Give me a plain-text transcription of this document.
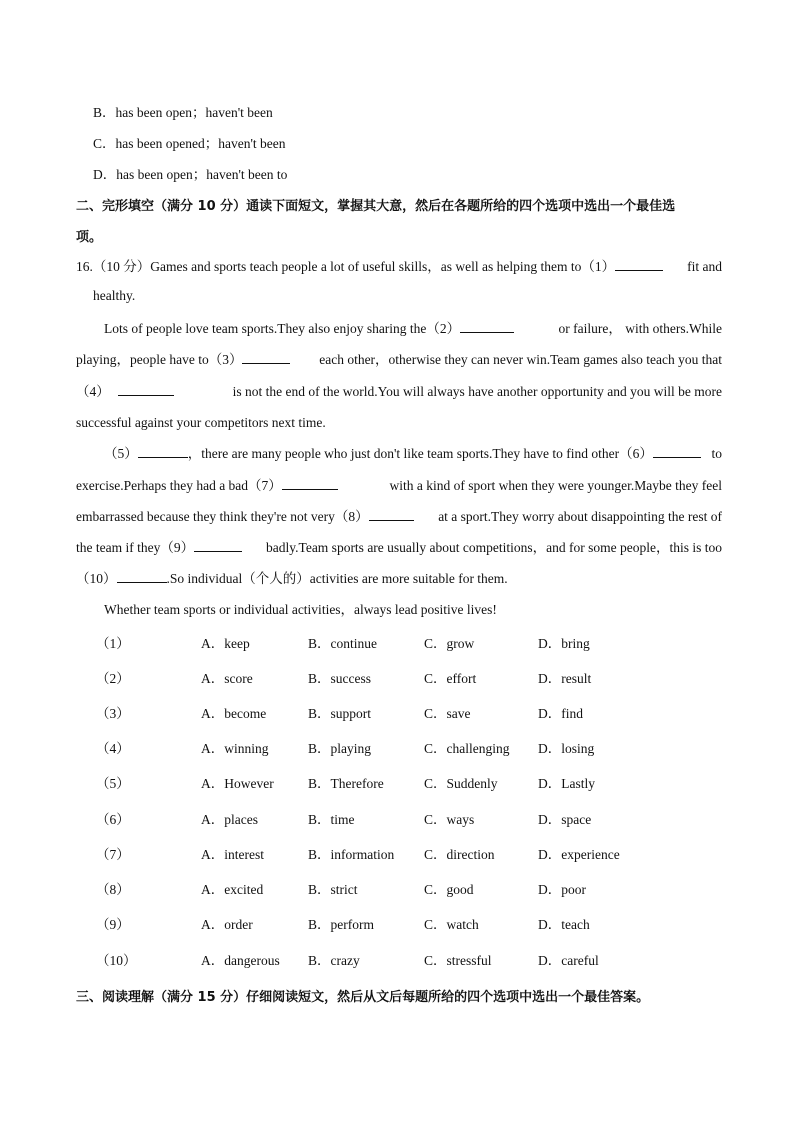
B．has been open；haven't been
C．has been opened；haven't been
D．has been open；haven't been to
二、完形填空（满分 10 分）通读下面短文，掌握其大意，然后在各题所给的四个选项中选出一个最佳选
项。
16.（10 分）Games and sports teach people a lot of useful skills，as well as helping them to（1）	fit and
healthy.
Lots of people love team sports.They also enjoy sharing the（2）	or failure， with others.While
playing，people have to（3）	each other，otherwise they can never win.Team games also teach you that
（4）	is not the end of the world.You will always have another opportunity and you will be more
successful against your competitors next time.
（5）	，there are many people who just don't like team sports.They have to find other（6）	to
exercise.Perhaps they had a bad（7）	with a kind of sport when they were younger.Maybe they feel
embarrassed because they think they're not very（8）	at a sport.They worry about disappointing the rest of
the team if they（9）	badly.Team sports are usually about competitions，and for some people，this is too
（10）	.So individual（个人的）activities are more suitable for them.
Whether team sports or individual activities，always lead positive lives!
（1）	A．keep	B．continue	C．grow	D．bring
（2）	A．score	B．success	C．effort	D．result
（3）	A．become	B．support	C．save	D．find
（4）	A．winning	B．playing	C．challenging D．losing
（5）	A．However	B．Therefore	C．Suddenly	D．Lastly
（6）	A．places	B．time	C．ways	D．space
（7）	A．interest	B．information C．direction	D．experience
（8）	A．excited	B．strict	C．good	D．poor
（9）	A．order	B．perform	C．watch	D．teach
（10）	A．dangerous B．crazy	C．stressful	D．careful
三、阅读理解（满分 15 分）仔细阅读短文，然后从文后每题所给的四个选项中选出一个最佳答案。
